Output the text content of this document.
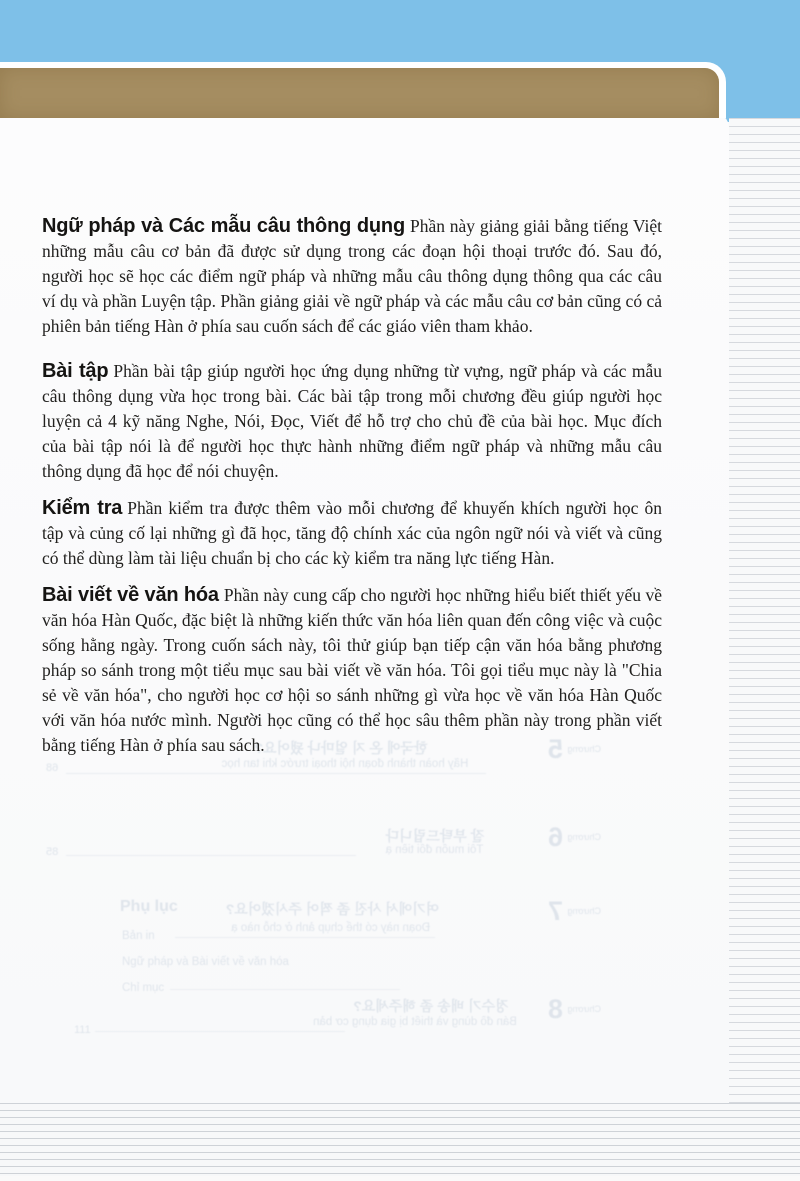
한국에 온 지 얼마나 됐어요?
Hãy hoàn thành đoạn hội thoại trước khi tan học
$^{Chương}$ 5
68
잘 부탁드립니다
Tôi muốn đổi tiền ạ
$^{Chương}$ 6
85
Phụ lục
Bản in
Ngữ pháp và Bài viết về văn hóa
Chỉ mục
여기에서 사진 좀 찍어 주시겠어요?
Đoạn này có thể chụp ảnh ở chỗ nào ạ
$^{Chương}$ 7
정수기 배송 좀 해주세요?
Bán đồ dùng và thiết bị gia dụng cơ bản
$^{Chương}$ 8
111

Ngữ pháp và Các mẫu câu thông dụng Phần này giảng giải bằng tiếng Việt những mẫu câu cơ bản đã được sử dụng trong các đoạn hội thoại trước đó. Sau đó, người học sẽ học các điểm ngữ pháp và những mẫu câu thông dụng thông qua các câu ví dụ và phần Luyện tập. Phần giảng giải về ngữ pháp và các mẫu câu cơ bản cũng có cả phiên bản tiếng Hàn ở phía sau cuốn sách để các giáo viên tham khảo.

Bài tập Phần bài tập giúp người học ứng dụng những từ vựng, ngữ pháp và các mẫu câu thông dụng vừa học trong bài. Các bài tập trong mỗi chương đều giúp người học luyện cả 4 kỹ năng Nghe, Nói, Đọc, Viết để hỗ trợ cho chủ đề của bài học. Mục đích của bài tập nói là để người học thực hành những điểm ngữ pháp và những mẫu câu thông dụng đã học để nói chuyện.

Kiểm tra Phần kiểm tra được thêm vào mỗi chương để khuyến khích người học ôn tập và củng cố lại những gì đã học, tăng độ chính xác của ngôn ngữ nói và viết và cũng có thể dùng làm tài liệu chuẩn bị cho các kỳ kiểm tra năng lực tiếng Hàn.

Bài viết về văn hóa Phần này cung cấp cho người học những hiểu biết thiết yếu về văn hóa Hàn Quốc, đặc biệt là những kiến thức văn hóa liên quan đến công việc và cuộc sống hằng ngày. Trong cuốn sách này, tôi thử giúp bạn tiếp cận văn hóa bằng phương pháp so sánh trong một tiểu mục sau bài viết về văn hóa. Tôi gọi tiểu mục này là "Chia sẻ về văn hóa", cho người học cơ hội so sánh những gì vừa học về văn hóa Hàn Quốc với văn hóa nước mình. Người học cũng có thể học sâu thêm phần này trong phần viết bằng tiếng Hàn ở phía sau sách.
